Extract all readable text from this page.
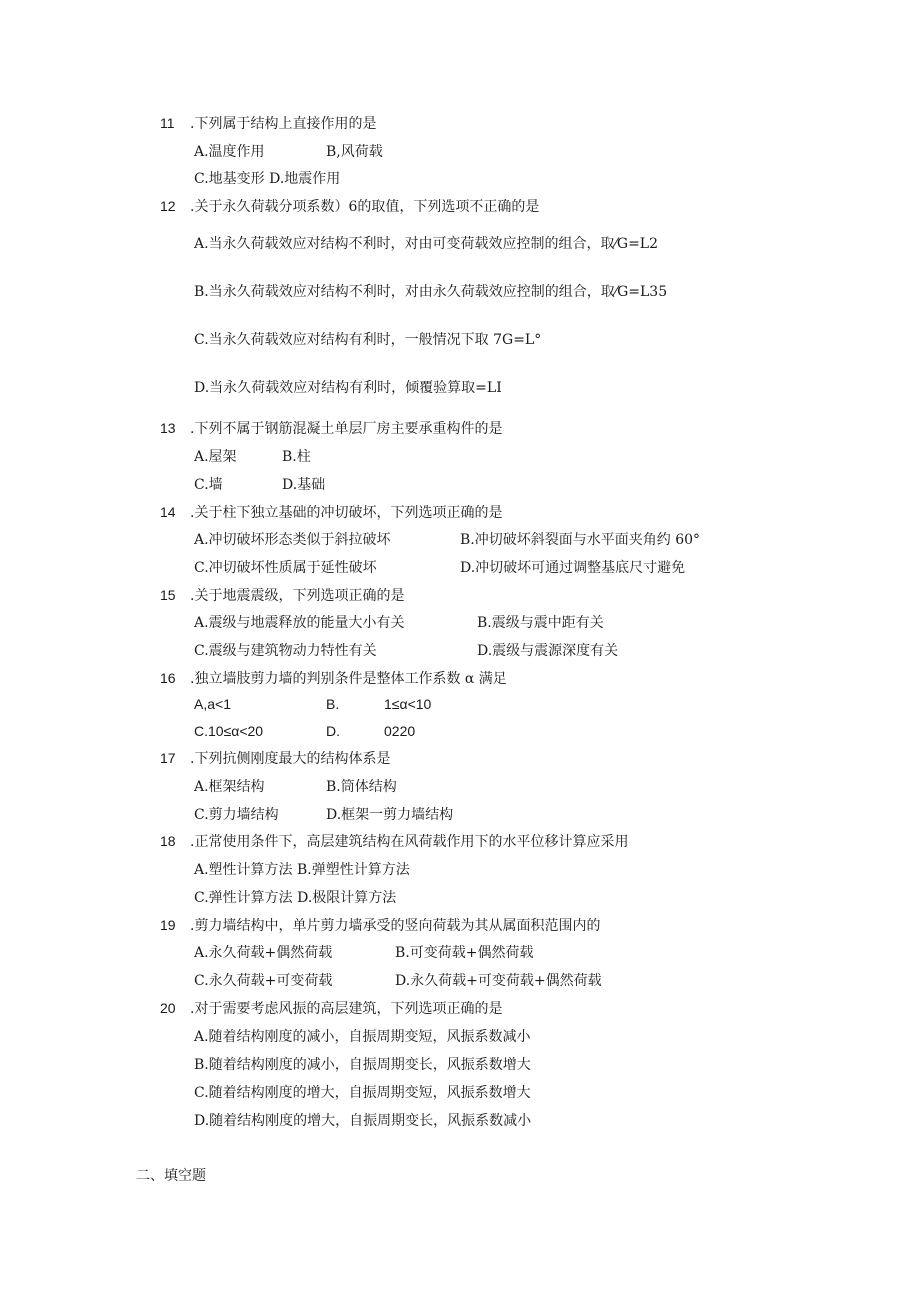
11 .下列属于结构上直接作用的是
A.温度作用	B,风荷载
C.地基变形 D.地震作用
12 .关于永久荷载分项系数）6的取值，下列选项不正确的是
A.当永久荷载效应对结构不利时，对由可变荷载效应控制的组合，取⁄G=L2
B.当永久荷载效应对结构不利时，对由永久荷载效应控制的组合，取⁄G=L35
C.当永久荷载效应对结构有利时，一般情况下取 7G=L°
D.当永久荷载效应对结构有利时，倾覆验算取=LI
13 .下列不属于钢筋混凝土单层厂房主要承重构件的是
A.屋架	B.柱
C.墙	D.基础
14 .关于柱下独立基础的冲切破坏，下列选项正确的是
A.冲切破坏形态类似于斜拉破坏	B.冲切破坏斜裂面与水平面夹角约 60°
C.冲切破坏性质属于延性破坏	D.冲切破坏可通过调整基底尺寸避免
15 .关于地震震级，下列选项正确的是
A.震级与地震释放的能量大小有关	B.震级与震中距有关
C.震级与建筑物动力特性有关	D.震级与震源深度有关
16 .独立墙肢剪力墙的判别条件是整体工作系数 α 满足
A,a<1	B.	1≤α<10
C.10≤α<20	D.	0220
17 .下列抗侧刚度最大的结构体系是
A.框架结构	B.筒体结构
C.剪力墙结构	D.框架一剪力墙结构
18 .正常使用条件下，高层建筑结构在风荷载作用下的水平位移计算应采用
A.塑性计算方法 B.弹塑性计算方法
C.弹性计算方法 D.极限计算方法
19 .剪力墙结构中，单片剪力墙承受的竖向荷载为其从属面积范围内的
A.永久荷载+偶然荷载	B.可变荷载+偶然荷载
C.永久荷载+可变荷载	D.永久荷载+可变荷载+偶然荷载
20 .对于需要考虑风振的高层建筑，下列选项正确的是
A.随着结构刚度的减小，自振周期变短，风振系数减小
B.随着结构刚度的减小，自振周期变长，风振系数增大
C.随着结构刚度的增大，自振周期变短，风振系数增大
D.随着结构刚度的增大，自振周期变长，风振系数减小
二、填空题
